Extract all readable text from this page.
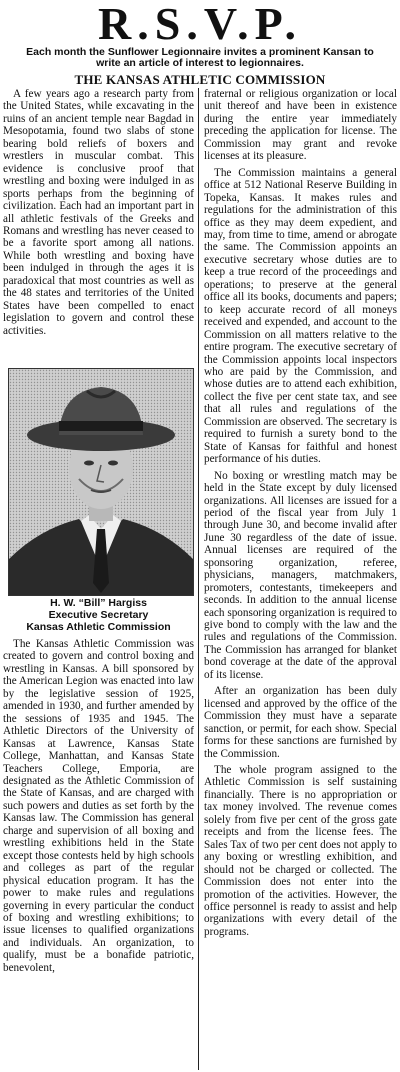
R.S.V.P.
Each month the Sunflower Legionnaire invites a prominent Kansan to write an article of interest to legionnaires.
THE KANSAS ATHLETIC COMMISSION

A few years ago a research party from the United States, while excavating in the ruins of an ancient temple near Bagdad in Mesopotamia, found two slabs of stone bearing bold reliefs of boxers and wrestlers in muscular combat. This evidence is conclusive proof that wrestling and boxing were indulged in as sports perhaps from the beginning of civilization. Each had an important part in all athletic festivals of the Greeks and Romans and wrestling has never ceased to be a favorite sport among all nations. While both wrestling and boxing have been indulged in through the ages it is paradoxical that most countries as well as the 48 states and territories of the United States have been compelled to enact legislation to govern and control these activities.

H. W. “Bill” Hargiss
Executive Secretary
Kansas Athletic Commission

The Kansas Athletic Commission was created to govern and control boxing and wrestling in Kansas. A bill sponsored by the American Legion was enacted into law by the legislative session of 1925, amended in 1930, and further amended by the sessions of 1935 and 1945. The Athletic Directors of the University of Kansas at Lawrence, Kansas State College, Manhattan, and Kansas State Teachers College, Emporia, are designated as the Athletic Commission of the State of Kansas, and are charged with such powers and duties as set forth by the Kansas law. The Commission has general charge and supervision of all boxing and wrestling exhibitions held in the State except those contests held by high schools and colleges as part of the regular physical education program. It has the power to make rules and regulations governing in every particular the conduct of boxing and wrestling exhibitions; to issue licenses to qualified organizations and individuals. An organization, to qualify, must be a bonafide patriotic, benevolent,

fraternal or religious organization or local unit thereof and have been in existence during the entire year immediately preceding the application for license. The Commission may grant and revoke licenses at its pleasure.

The Commission maintains a general office at 512 National Reserve Building in Topeka, Kansas. It makes rules and regulations for the administration of this office as they may deem expedient, and may, from time to time, amend or abrogate the same. The Commission appoints an executive secretary whose duties are to keep a true record of the proceedings and operations; to preserve at the general office all its books, documents and papers; to keep accurate record of all moneys received and expended, and account to the Commission on all matters relative to the entire program. The executive secretary of the Commission appoints local inspectors who are paid by the Commission, and whose duties are to attend each exhibition, collect the five per cent state tax, and see that all rules and regulations of the Commission are observed. The secretary is required to furnish a surety bond to the State of Kansas for faithful and honest performance of his duties.

No boxing or wrestling match may be held in the State except by duly licensed organizations. All licenses are issued for a period of the fiscal year from July 1 through June 30, and become invalid after June 30 regardless of the date of issue. Annual licenses are required of the sponsoring organization, referee, physicians, managers, matchmakers, promoters, contestants, timekeepers and seconds. In addition to the annual license each sponsoring organization is required to give bond to comply with the law and the rules and regulations of the Commission. The Commission has arranged for blanket bond coverage at the date of the approval of its license.

After an organization has been duly licensed and approved by the office of the Commission they must have a separate sanction, or permit, for each show. Special forms for these sanctions are furnished by the Commission.

The whole program assigned to the Athletic Commission is self sustaining financially. There is no appropriation or tax money involved. The revenue comes solely from five per cent of the gross gate receipts and from the license fees. The Sales Tax of two per cent does not apply to any boxing or wrestling exhibition, and should not be charged or collected. The Commission does not enter into the promotion of the activities. However, the office personnel is ready to assist and help organizations with every detail of the programs.
